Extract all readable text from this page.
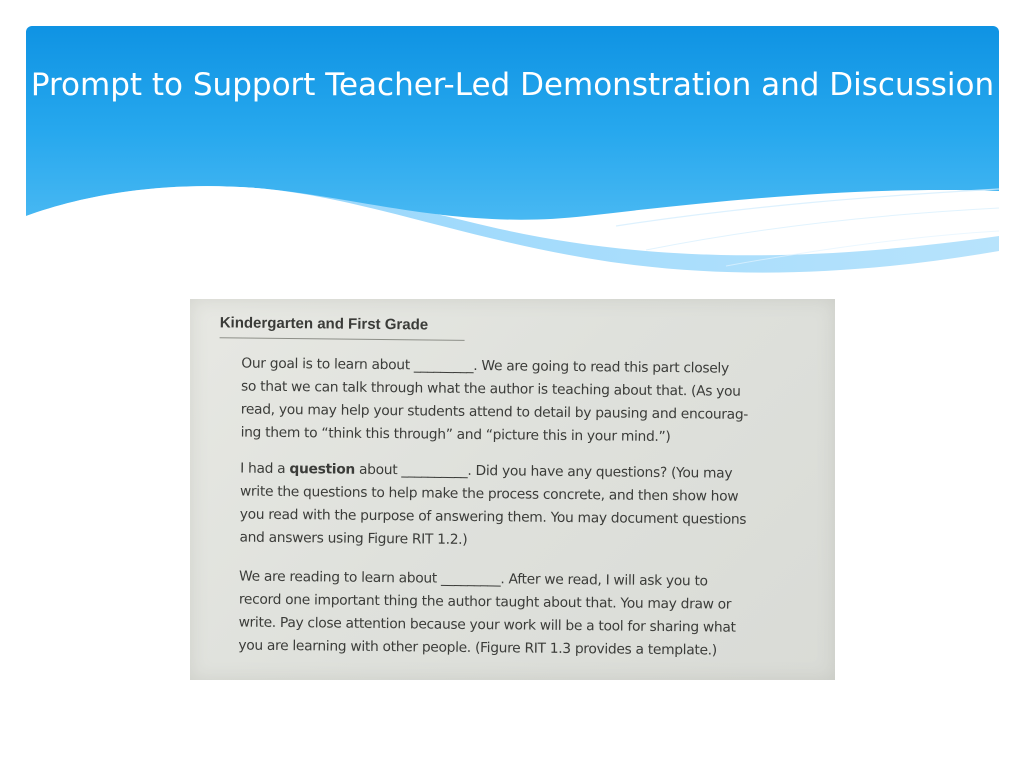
Prompt to Support Teacher-Led Demonstration and Discussion
Kindergarten and First Grade

Our goal is to learn about _________. We are going to read this part closely
so that we can talk through what the author is teaching about that. (As you
read, you may help your students attend to detail by pausing and encourag-
ing them to “think this through” and “picture this in your mind.”)

I had a question about __________. Did you have any questions? (You may
write the questions to help make the process concrete, and then show how
you read with the purpose of answering them. You may document questions
and answers using Figure RIT 1.2.)

We are reading to learn about _________. After we read, I will ask you to
record one important thing the author taught about that. You may draw or
write. Pay close attention because your work will be a tool for sharing what
you are learning with other people. (Figure RIT 1.3 provides a template.)
